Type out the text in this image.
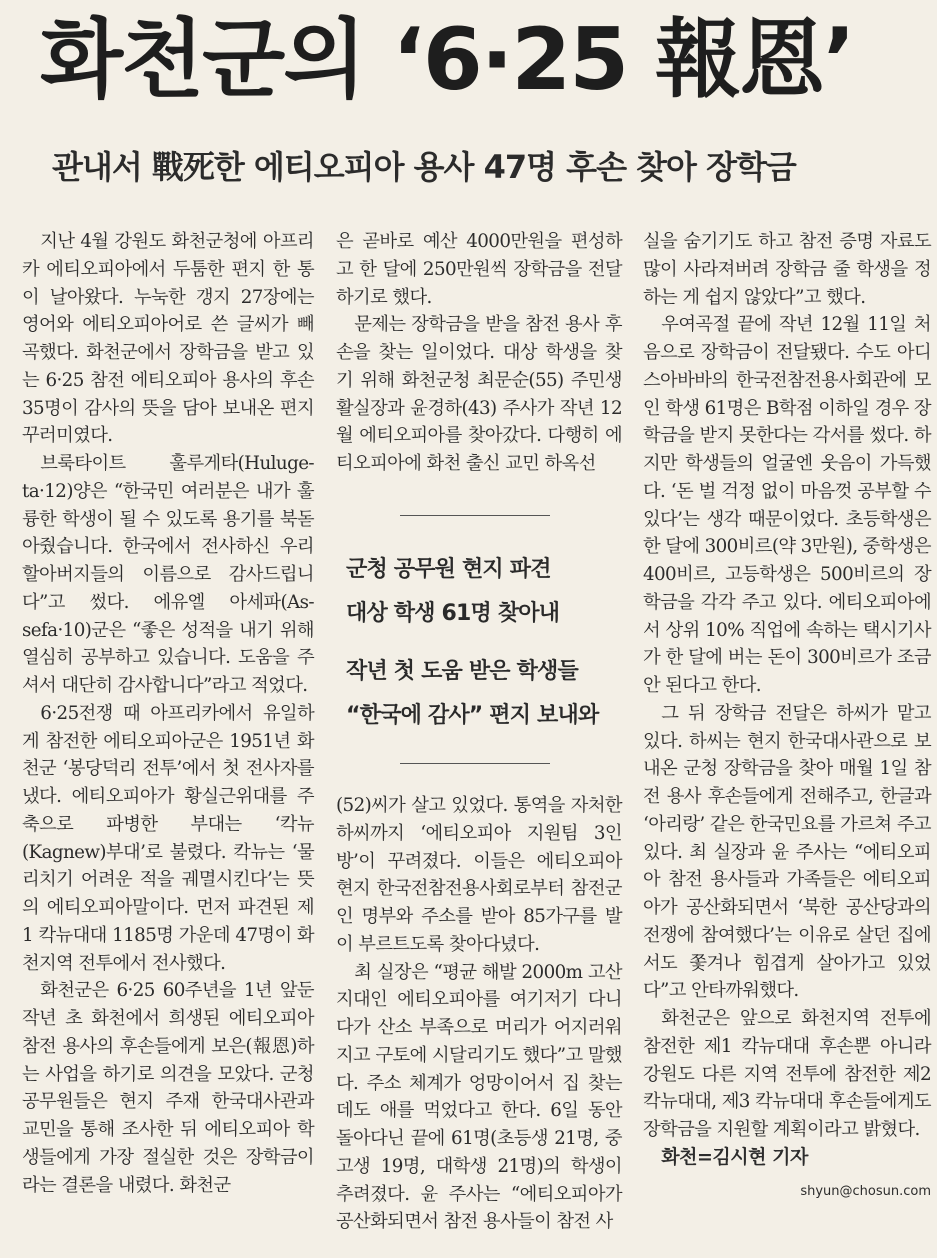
화천군의 ‘6·25 報恩’
관내서 戰死한 에티오피아 용사 47명 후손 찾아 장학금

지난 4월 강원도 화천군청에 아프리카 에티오피아에서 두툼한 편지 한 통이 날아왔다. 누눅한 갱지 27장에는 영어와 에티오피아어로 쓴 글씨가 빼곡했다. 화천군에서 장학금을 받고 있는 6·25 참전 에티오피아 용사의 후손 35명이 감사의 뜻을 담아 보내온 편지 꾸러미였다.

브룩타이트 훌루게타(Huluge-ta·12)양은 “한국민 여러분은 내가 훌륭한 학생이 될 수 있도록 용기를 북돋아줬습니다. 한국에서 전사하신 우리 할아버지들의 이름으로 감사드립니다”고 썼다. 에유엘 아세파(As-sefa·10)군은 “좋은 성적을 내기 위해 열심히 공부하고 있습니다. 도움을 주셔서 대단히 감사합니다”라고 적었다.

6·25전쟁 때 아프리카에서 유일하게 참전한 에티오피아군은 1951년 화천군 ‘봉당덕리 전투’에서 첫 전사자를 냈다. 에티오피아가 황실근위대를 주축으로 파병한 부대는 ‘칵뉴(Kagnew)부대’로 불렸다. 칵뉴는 ‘물리치기 어려운 적을 궤멸시킨다’는 뜻의 에티오피아말이다. 먼저 파견된 제1 칵뉴대대 1185명 가운데 47명이 화천지역 전투에서 전사했다.

화천군은 6·25 60주년을 1년 앞둔 작년 초 화천에서 희생된 에티오피아 참전 용사의 후손들에게 보은(報恩)하는 사업을 하기로 의견을 모았다. 군청 공무원들은 현지 주재 한국대사관과 교민을 통해 조사한 뒤 에티오피아 학생들에게 가장 절실한 것은 장학금이라는 결론을 내렸다. 화천군

은 곧바로 예산 4000만원을 편성하고 한 달에 250만원씩 장학금을 전달하기로 했다.

문제는 장학금을 받을 참전 용사 후손을 찾는 일이었다. 대상 학생을 찾기 위해 화천군청 최문순(55) 주민생활실장과 윤경하(43) 주사가 작년 12월 에티오피아를 찾아갔다. 다행히 에티오피아에 화천 출신 교민 하옥선

군청 공무원 현지 파견
대상 학생 61명 찾아내
작년 첫 도움 받은 학생들
“한국에 감사” 편지 보내와

(52)씨가 살고 있었다. 통역을 자처한 하씨까지 ‘에티오피아 지원팀 3인방’이 꾸려졌다. 이들은 에티오피아 현지 한국전참전용사회로부터 참전군인 명부와 주소를 받아 85가구를 발이 부르트도록 찾아다녔다.

최 실장은 “평균 해발 2000m 고산지대인 에티오피아를 여기저기 다니다가 산소 부족으로 머리가 어지러워지고 구토에 시달리기도 했다”고 말했다. 주소 체계가 엉망이어서 집 찾는데도 애를 먹었다고 한다. 6일 동안 돌아다닌 끝에 61명(초등생 21명, 중고생 19명, 대학생 21명)의 학생이 추려졌다. 윤 주사는 “에티오피아가 공산화되면서 참전 용사들이 참전 사

실을 숨기기도 하고 참전 증명 자료도 많이 사라져버려 장학금 줄 학생을 정하는 게 쉽지 않았다”고 했다.

우여곡절 끝에 작년 12월 11일 처음으로 장학금이 전달됐다. 수도 아디스아바바의 한국전참전용사회관에 모인 학생 61명은 B학점 이하일 경우 장학금을 받지 못한다는 각서를 썼다. 하지만 학생들의 얼굴엔 웃음이 가득했다. ‘돈 벌 걱정 없이 마음껏 공부할 수 있다’는 생각 때문이었다. 초등학생은 한 달에 300비르(약 3만원), 중학생은 400비르, 고등학생은 500비르의 장학금을 각각 주고 있다. 에티오피아에서 상위 10% 직업에 속하는 택시기사가 한 달에 버는 돈이 300비르가 조금 안 된다고 한다.

그 뒤 장학금 전달은 하씨가 맡고 있다. 하씨는 현지 한국대사관으로 보내온 군청 장학금을 찾아 매월 1일 참전 용사 후손들에게 전해주고, 한글과 ‘아리랑’ 같은 한국민요를 가르쳐 주고 있다. 최 실장과 윤 주사는 “에티오피아 참전 용사들과 가족들은 에티오피아가 공산화되면서 ‘북한 공산당과의 전쟁에 참여했다’는 이유로 살던 집에서도 쫓겨나 힘겹게 살아가고 있었다”고 안타까워했다.

화천군은 앞으로 화천지역 전투에 참전한 제1 칵뉴대대 후손뿐 아니라 강원도 다른 지역 전투에 참전한 제2 칵뉴대대, 제3 칵뉴대대 후손들에게도 장학금을 지원할 계획이라고 밝혔다.

화천=김시현 기자
shyun@chosun.com
